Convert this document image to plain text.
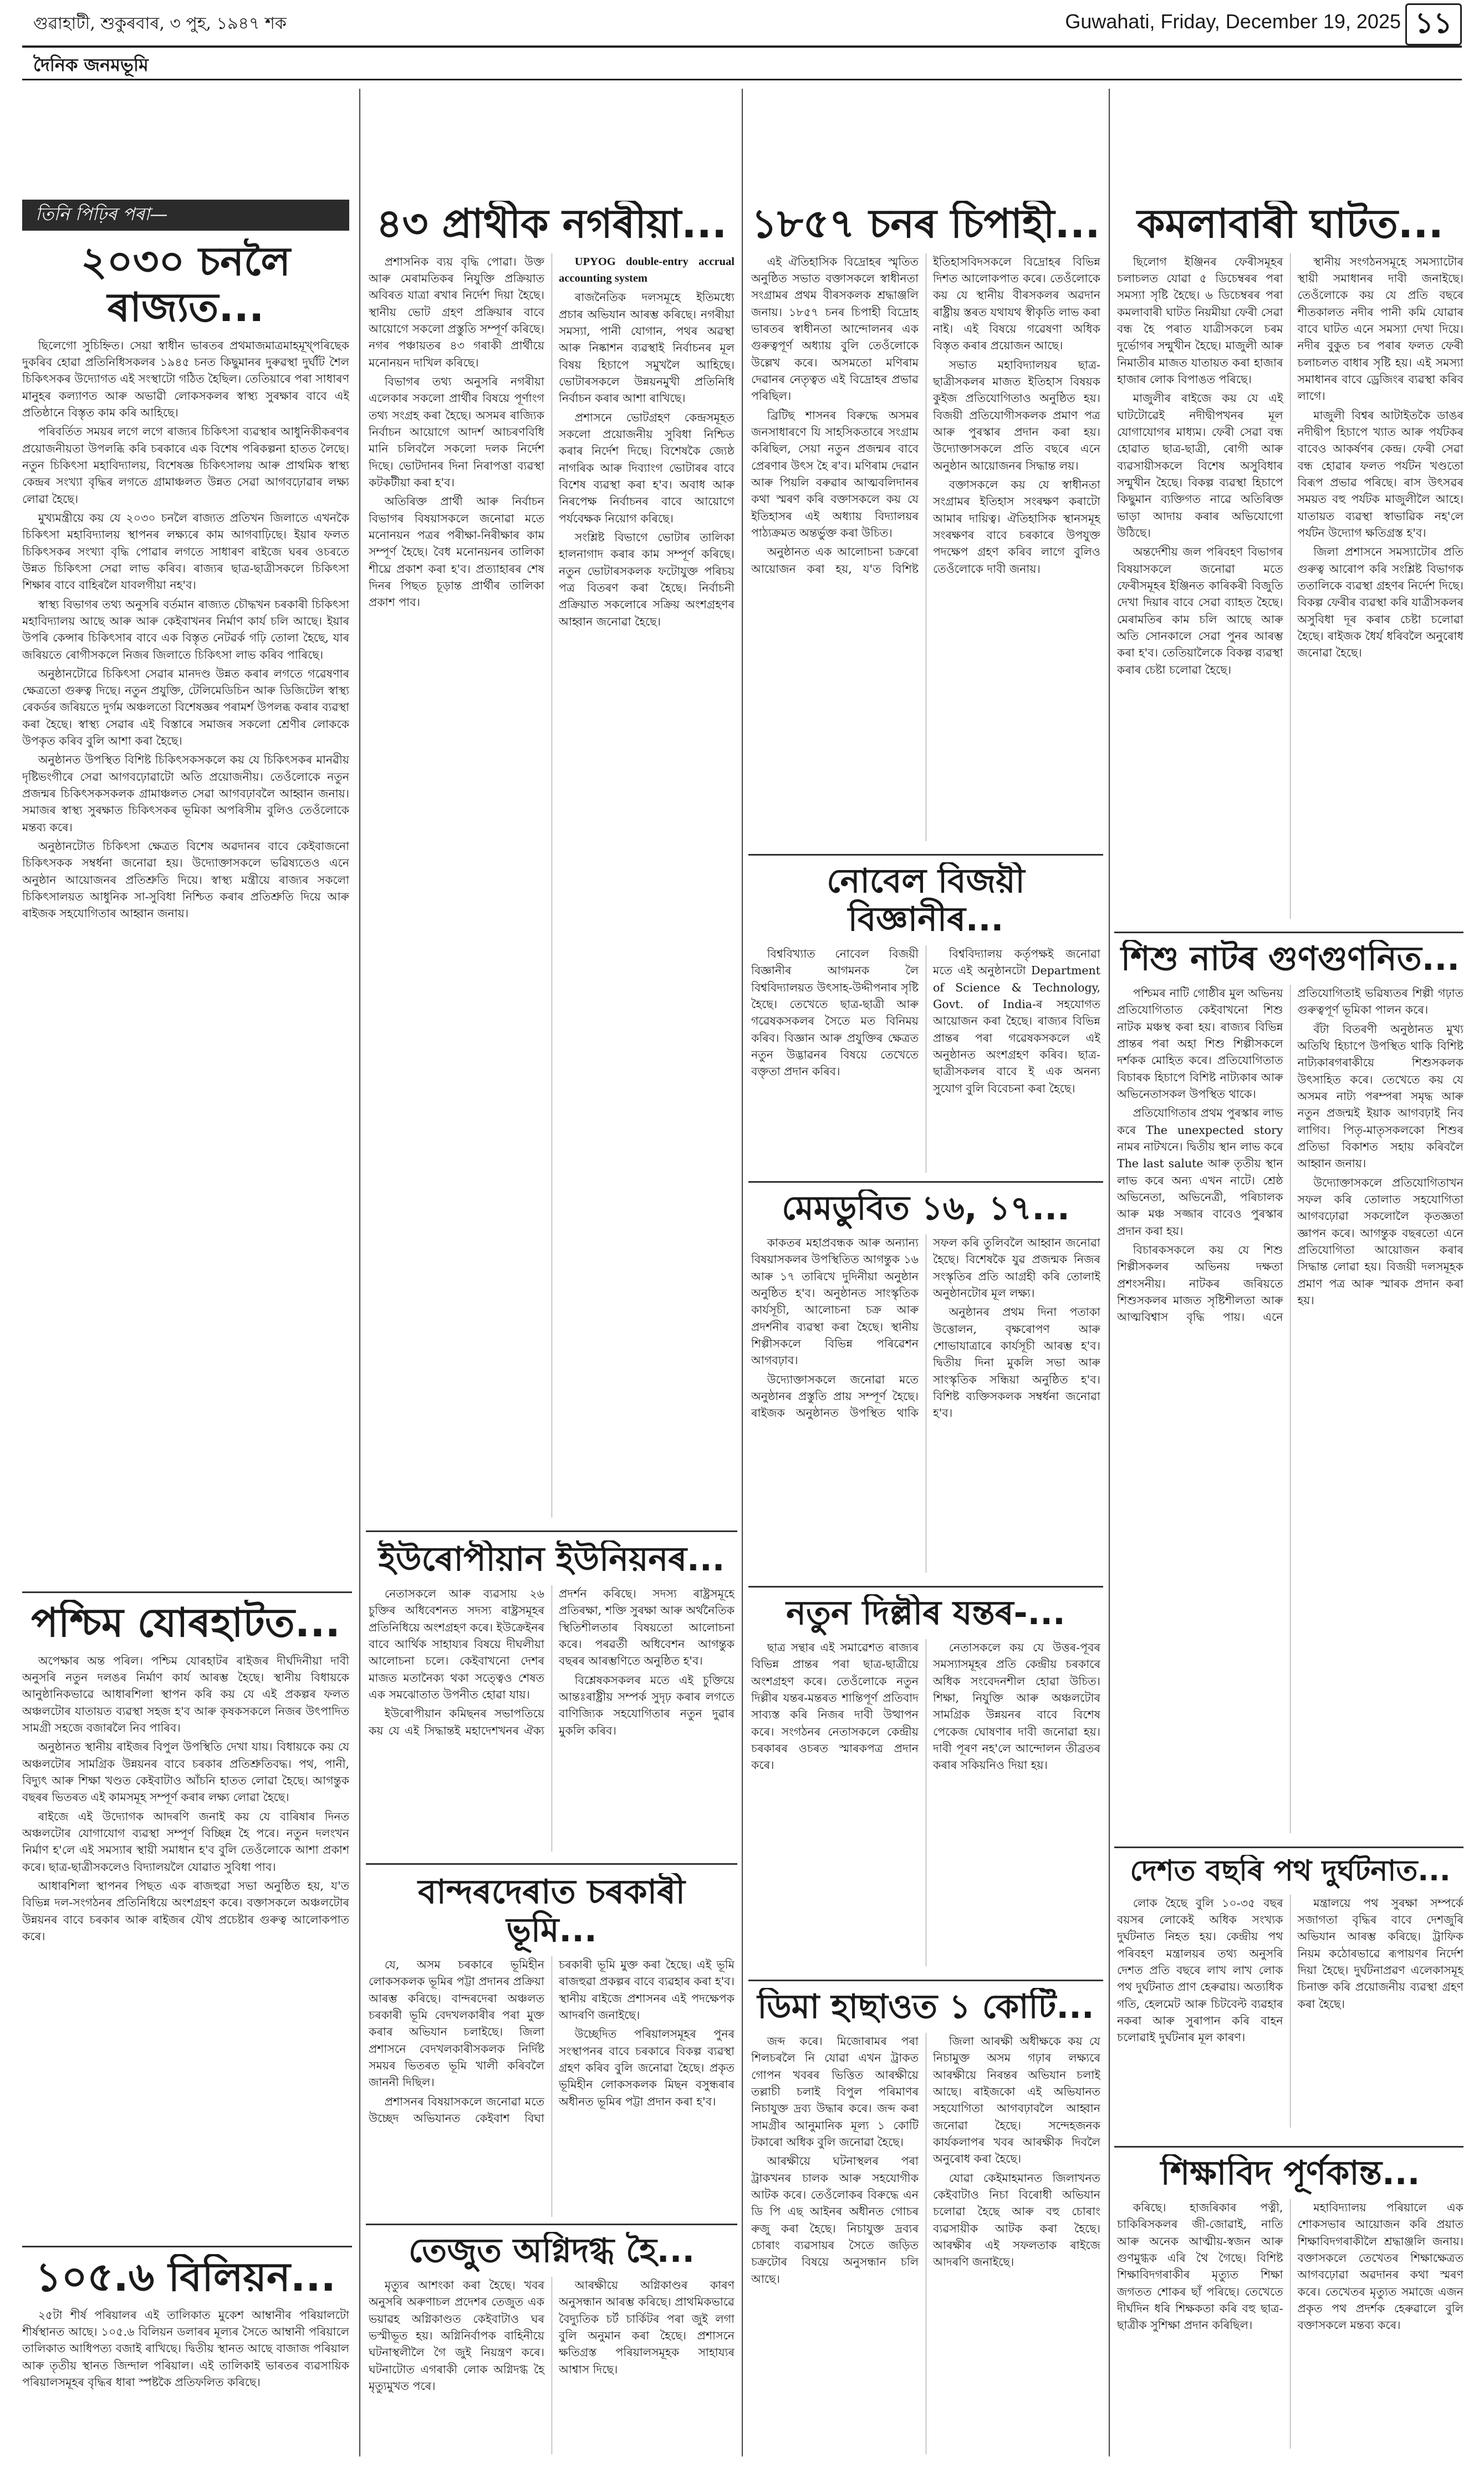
গুৱাহাটী, শুকুৰবাৰ, ৩ পুহ, ১৯৪৭ শক	Guwahati, Friday, December 19, 2025 ১১
দৈনিক জনমভূমি
তিনি পিঢ়িৰ পৰা—
২০৩০ চনলৈ ৰাজ্যত...

ছিলেগো সুচিহ্নিত। সেয়া স্বাধীন ভাৰতৰ প্ৰথমাজমাত্ৰমাহমূখ্পৰিছেক দুকৰিব হোৱা প্ৰতিনিধিসকলৰ ১৯৪৫ চনত কিছুমানৰ দুৰুৱস্থা দুৰ্ঘাঁট শৈল চিকিৎসকৰ উদ্যোগত এই সংস্থাটো গঠিত হৈছিল। তেতিয়াৰে পৰা সাধাৰণ মানুহৰ কল্যাণত আৰু অভাৱী লোকসকলৰ স্বাস্থ্য সুৰক্ষাৰ বাবে এই প্ৰতিষ্ঠানে বিস্তৃত কাম কৰি আহিছে।

পৰিবৰ্তিত সময়ৰ লগে লগে ৰাজ্যৰ চিকিৎসা ব্যৱস্থাৰ আধুনিকীকৰণৰ প্ৰয়োজনীয়তা উপলব্ধি কৰি চৰকাৰে এক বিশেষ পৰিকল্পনা হাতত লৈছে। নতুন চিকিৎসা মহাবিদ্যালয়, বিশেষজ্ঞ চিকিৎসালয় আৰু প্ৰাথমিক স্বাস্থ্য কেন্দ্ৰৰ সংখ্যা বৃদ্ধিৰ লগতে গ্ৰামাঞ্চলত উন্নত সেৱা আগবঢ়োৱাৰ লক্ষ্য লোৱা হৈছে।

মুখ্যমন্ত্ৰীয়ে কয় যে ২০৩০ চনলৈ ৰাজ্যত প্ৰতিখন জিলাতে এখনকৈ চিকিৎসা মহাবিদ্যালয় স্থাপনৰ লক্ষ্যৰে কাম আগবাঢ়িছে। ইয়াৰ ফলত চিকিৎসকৰ সংখ্যা বৃদ্ধি পোৱাৰ লগতে সাধাৰণ ৰাইজে ঘৰৰ ওচৰতে উন্নত চিকিৎসা সেৱা লাভ কৰিব। ৰাজ্যৰ ছাত্ৰ-ছাত্ৰীসকলে চিকিৎসা শিক্ষাৰ বাবে বাহিৰলৈ যাবলগীয়া নহ'ব।

স্বাস্থ্য বিভাগৰ তথ্য অনুসৰি বৰ্তমান ৰাজ্যত চৌদ্ধখন চৰকাৰী চিকিৎসা মহাবিদ্যালয় আছে আৰু আৰু কেইবাখনৰ নিৰ্মাণ কাৰ্য চলি আছে। ইয়াৰ উপৰি কেন্সাৰ চিকিৎসাৰ বাবে এক বিস্তৃত নেটৱৰ্ক গঢ়ি তোলা হৈছে, যাৰ জৰিয়তে ৰোগীসকলে নিজৰ জিলাতে চিকিৎসা লাভ কৰিব পাৰিছে।

অনুষ্ঠানটোৱে চিকিৎসা সেৱাৰ মানদণ্ড উন্নত কৰাৰ লগতে গৱেষণাৰ ক্ষেত্ৰতো গুৰুত্ব দিছে। নতুন প্ৰযুক্তি, টেলিমেডিচিন আৰু ডিজিটেল স্বাস্থ্য ৰেকৰ্ডৰ জৰিয়তে দুৰ্গম অঞ্চলতো বিশেষজ্ঞৰ পৰামৰ্শ উপলব্ধ কৰাৰ ব্যৱস্থা কৰা হৈছে। স্বাস্থ্য সেৱাৰ এই বিস্তাৰে সমাজৰ সকলো শ্ৰেণীৰ লোককে উপকৃত কৰিব বুলি আশা কৰা হৈছে।

অনুষ্ঠানত উপস্থিত বিশিষ্ট চিকিৎসকসকলে কয় যে চিকিৎসকৰ মানৱীয় দৃষ্টিভংগীৰে সেৱা আগবঢ়োৱাটো অতি প্ৰয়োজনীয়। তেওঁলোকে নতুন প্ৰজন্মৰ চিকিৎসকসকলক গ্ৰামাঞ্চলত সেৱা আগবঢ়াবলৈ আহ্বান জনায়। সমাজৰ স্বাস্থ্য সুৰক্ষাত চিকিৎসকৰ ভূমিকা অপৰিসীম বুলিও তেওঁলোকে মন্তব্য কৰে।

অনুষ্ঠানটোত চিকিৎসা ক্ষেত্ৰত বিশেষ অৱদানৰ বাবে কেইবাজনো চিকিৎসকক সম্বৰ্ধনা জনোৱা হয়। উদ্যোক্তাসকলে ভৱিষ্যতেও এনে অনুষ্ঠান আয়োজনৰ প্ৰতিশ্ৰুতি দিয়ে। স্বাস্থ্য মন্ত্ৰীয়ে ৰাজ্যৰ সকলো চিকিৎসালয়ত আধুনিক সা-সুবিধা নিশ্চিত কৰাৰ প্ৰতিশ্ৰুতি দিয়ে আৰু ৰাইজক সহযোগিতাৰ আহ্বান জনায়।

পশ্চিম যোৰহাটত...

অপেক্ষাৰ অন্ত পৰিল। পশ্চিম যোৰহাটৰ ৰাইজৰ দীৰ্ঘদিনীয়া দাবী অনুসৰি নতুন দলঙৰ নিৰ্মাণ কাৰ্য আৰম্ভ হৈছে। স্থানীয় বিধায়কে আনুষ্ঠানিকভাৱে আধাৰশিলা স্থাপন কৰি কয় যে এই প্ৰকল্পৰ ফলত অঞ্চলটোৰ যাতায়ত ব্যৱস্থা সহজ হ'ব আৰু কৃষকসকলে নিজৰ উৎপাদিত সামগ্ৰী সহজে বজাৰলৈ নিব পাৰিব।

অনুষ্ঠানত স্থানীয় ৰাইজৰ বিপুল উপস্থিতি দেখা যায়। বিধায়কে কয় যে অঞ্চলটোৰ সামগ্ৰিক উন্নয়নৰ বাবে চৰকাৰ প্ৰতিশ্ৰুতিবদ্ধ। পথ, পানী, বিদ্যুৎ আৰু শিক্ষা খণ্ডত কেইবাটাও আঁচনি হাতত লোৱা হৈছে। আগন্তুক বছৰৰ ভিতৰত এই কামসমূহ সম্পূৰ্ণ কৰাৰ লক্ষ্য লোৱা হৈছে।

ৰাইজে এই উদ্যোগক আদৰণি জনাই কয় যে বাৰিষাৰ দিনত অঞ্চলটোৰ যোগাযোগ ব্যৱস্থা সম্পূৰ্ণ বিচ্ছিন্ন হৈ পৰে। নতুন দলংখন নিৰ্মাণ হ'লে এই সমস্যাৰ স্থায়ী সমাধান হ'ব বুলি তেওঁলোকে আশা প্ৰকাশ কৰে। ছাত্ৰ-ছাত্ৰীসকলেও বিদ্যালয়লৈ যোৱাত সুবিধা পাব।

আধাৰশিলা স্থাপনৰ পিছত এক ৰাজহুৱা সভা অনুষ্ঠিত হয়, য'ত বিভিন্ন দল-সংগঠনৰ প্ৰতিনিধিয়ে অংশগ্ৰহণ কৰে। বক্তাসকলে অঞ্চলটোৰ উন্নয়নৰ বাবে চৰকাৰ আৰু ৰাইজৰ যৌথ প্ৰচেষ্টাৰ গুৰুত্ব আলোকপাত কৰে।

১০৫.৬ বিলিয়ন...

২৫টা শীৰ্ষ পৰিয়ালৰ এই তালিকাত মুকেশ আম্বানীৰ পৰিয়ালটো শীৰ্ষস্থানত আছে। ১০৫.৬ বিলিয়ন ডলাৰৰ মূল্যৰ সৈতে আম্বানী পৰিয়ালে তালিকাত আধিপত্য বজাই ৰাখিছে। দ্বিতীয় স্থানত আছে বাজাজ পৰিয়াল আৰু তৃতীয় স্থানত জিন্দাল পৰিয়াল। এই তালিকাই ভাৰতৰ ব্যৱসায়িক পৰিয়ালসমূহৰ বৃদ্ধিৰ ধাৰা স্পষ্টকৈ প্ৰতিফলিত কৰিছে।

৪৩ প্ৰাথীক নগৰীয়া...

প্ৰশাসনিক ব্যয় বৃদ্ধি পোৱা। উক্ত আৰু মেৰামতিকৰ নিযুক্তি প্ৰক্ৰিয়াত অবিৰত যাত্ৰা ৰখাৰ নিৰ্দেশ দিয়া হৈছে। স্থানীয় ভোট গ্ৰহণ প্ৰক্ৰিয়াৰ বাবে আয়োগে সকলো প্ৰস্তুতি সম্পূৰ্ণ কৰিছে। নগৰ পঞ্চায়তৰ ৪৩ গৰাকী প্ৰাৰ্থীয়ে মনোনয়ন দাখিল কৰিছে।

বিভাগৰ তথ্য অনুসৰি নগৰীয়া এলেকাৰ সকলো প্ৰাৰ্থীৰ বিষয়ে পূৰ্ণাংগ তথ্য সংগ্ৰহ কৰা হৈছে। অসমৰ ৰাজ্যিক নিৰ্বাচন আয়োগে আদৰ্শ আচৰণবিধি মানি চলিবলৈ সকলো দলক নিৰ্দেশ দিছে। ভোটদানৰ দিনা নিৰাপত্তা ব্যৱস্থা কটকটীয়া কৰা হ'ব।

অতিৰিক্ত প্ৰাৰ্থী আৰু নিৰ্বাচন বিভাগৰ বিষয়াসকলে জনোৱা মতে মনোনয়ন পত্ৰৰ পৰীক্ষা-নিৰীক্ষাৰ কাম সম্পূৰ্ণ হৈছে। বৈধ মনোনয়নৰ তালিকা শীঘ্ৰে প্ৰকাশ কৰা হ'ব। প্ৰত্যাহাৰৰ শেষ দিনৰ পিছত চূড়ান্ত প্ৰাৰ্থীৰ তালিকা প্ৰকাশ পাব।

UPYOG double-entry accrual accounting system

ৰাজনৈতিক দলসমূহে ইতিমধ্যে প্ৰচাৰ অভিযান আৰম্ভ কৰিছে। নগৰীয়া সমস্যা, পানী যোগান, পথৰ অৱস্থা আৰু নিষ্কাশন ব্যৱস্থাই নিৰ্বাচনৰ মূল বিষয় হিচাপে সমুখলৈ আহিছে। ভোটাৰসকলে উন্নয়নমুখী প্ৰতিনিধি নিৰ্বাচন কৰাৰ আশা ৰাখিছে।

প্ৰশাসনে ভোটগ্ৰহণ কেন্দ্ৰসমূহত সকলো প্ৰয়োজনীয় সুবিধা নিশ্চিত কৰাৰ নিৰ্দেশ দিছে। বিশেষকৈ জ্যেষ্ঠ নাগৰিক আৰু দিব্যাংগ ভোটাৰৰ বাবে বিশেষ ব্যৱস্থা কৰা হ'ব। অবাধ আৰু নিৰপেক্ষ নিৰ্বাচনৰ বাবে আয়োগে পৰ্যবেক্ষক নিয়োগ কৰিছে।

সংশ্লিষ্ট বিভাগে ভোটাৰ তালিকা হালনাগাদ কৰাৰ কাম সম্পূৰ্ণ কৰিছে। নতুন ভোটাৰসকলক ফটোযুক্ত পৰিচয় পত্ৰ বিতৰণ কৰা হৈছে। নিৰ্বাচনী প্ৰক্ৰিয়াত সকলোৰে সক্ৰিয় অংশগ্ৰহণৰ আহ্বান জনোৱা হৈছে।

ইউৰোপীয়ান ইউনিয়নৰ...

নেতাসকলে আৰু ব্যৱসায় ২৬ চুক্তিৰ অধিবেশনত সদস্য ৰাষ্ট্ৰসমূহৰ প্ৰতিনিধিয়ে অংশগ্ৰহণ কৰে। ইউক্ৰেইনৰ বাবে আৰ্থিক সাহায্যৰ বিষয়ে দীঘলীয়া আলোচনা চলে। কেইবাখনো দেশৰ মাজত মতানৈক্য থকা সত্ত্বেও শেষত এক সমঝোতাত উপনীত হোৱা যায়।

ইউৰোপীয়ান কমিছনৰ সভাপতিয়ে কয় যে এই সিদ্ধান্তই মহাদেশখনৰ ঐক্য প্ৰদৰ্শন কৰিছে। সদস্য ৰাষ্ট্ৰসমূহে প্ৰতিৰক্ষা, শক্তি সুৰক্ষা আৰু অৰ্থনৈতিক স্থিতিশীলতাৰ বিষয়তো আলোচনা কৰে। পৰৱৰ্তী অধিবেশন আগন্তুক বছৰৰ আৰম্ভণিতে অনুষ্ঠিত হ'ব।

বিশ্লেষকসকলৰ মতে এই চুক্তিয়ে আন্তঃৰাষ্ট্ৰীয় সম্পৰ্ক সুদৃঢ় কৰাৰ লগতে বাণিজ্যিক সহযোগিতাৰ নতুন দুৱাৰ মুকলি কৰিব।

বান্দৰদেৰাত চৰকাৰী ভূমি...

যে, অসম চৰকাৰে ভূমিহীন লোকসকলক ভূমিৰ পট্টা প্ৰদানৰ প্ৰক্ৰিয়া আৰম্ভ কৰিছে। বান্দৰদেৰা অঞ্চলত চৰকাৰী ভূমি বেদখলকাৰীৰ পৰা মুক্ত কৰাৰ অভিযান চলাইছে। জিলা প্ৰশাসনে বেদখলকাৰীসকলক নিৰ্দিষ্ট সময়ৰ ভিতৰত ভূমি খালী কৰিবলৈ জাননী দিছিল।

প্ৰশাসনৰ বিষয়াসকলে জনোৱা মতে উচ্ছেদ অভিযানত কেইবাশ বিঘা চৰকাৰী ভূমি মুক্ত কৰা হৈছে। এই ভূমি ৰাজহুৱা প্ৰকল্পৰ বাবে ব্যৱহাৰ কৰা হ'ব। স্থানীয় ৰাইজে প্ৰশাসনৰ এই পদক্ষেপক আদৰণি জনাইছে।

উচ্ছেদিত পৰিয়ালসমূহৰ পুনৰ সংস্থাপনৰ বাবে চৰকাৰে বিকল্প ব্যৱস্থা গ্ৰহণ কৰিব বুলি জনোৱা হৈছে। প্ৰকৃত ভূমিহীন লোকসকলক মিছন বসুন্ধৰাৰ অধীনত ভূমিৰ পট্টা প্ৰদান কৰা হ'ব।

তেজুত অগ্নিদগ্ধ হৈ...

মৃত্যুৰ আশংকা কৰা হৈছে। খবৰ অনুসৰি অৰুণাচল প্ৰদেশৰ তেজুত এক ভয়াৱহ অগ্নিকাণ্ডত কেইবাটাও ঘৰ ভস্মীভূত হয়। অগ্নিনিৰ্বাপক বাহিনীয়ে ঘটনাস্থলীলৈ গৈ জুই নিয়ন্ত্ৰণ কৰে। ঘটনাটোত এগৰাকী লোক অগ্নিদগ্ধ হৈ মৃত্যুমুখত পৰে।

আৰক্ষীয়ে অগ্নিকাণ্ডৰ কাৰণ অনুসন্ধান আৰম্ভ কৰিছে। প্ৰাথমিকভাৱে বৈদ্যুতিক চৰ্ট চাৰ্কিটৰ পৰা জুই লগা বুলি অনুমান কৰা হৈছে। প্ৰশাসনে ক্ষতিগ্ৰস্ত পৰিয়ালসমূহক সাহায্যৰ আশ্বাস দিছে।

১৮৫৭ চনৰ চিপাহী...

এই ঐতিহাসিক বিদ্ৰোহৰ স্মৃতিত অনুষ্ঠিত সভাত বক্তাসকলে স্বাধীনতা সংগ্ৰামৰ প্ৰথম বীৰসকলক শ্ৰদ্ধাঞ্জলি জনায়। ১৮৫৭ চনৰ চিপাহী বিদ্ৰোহ ভাৰতৰ স্বাধীনতা আন্দোলনৰ এক গুৰুত্বপূৰ্ণ অধ্যায় বুলি তেওঁলোকে উল্লেখ কৰে। অসমতো মণিৰাম দেৱানৰ নেতৃত্বত এই বিদ্ৰোহৰ প্ৰভাৱ পৰিছিল।

ব্ৰিটিছ শাসনৰ বিৰুদ্ধে অসমৰ জনসাধাৰণে যি সাহসিকতাৰে সংগ্ৰাম কৰিছিল, সেয়া নতুন প্ৰজন্মৰ বাবে প্ৰেৰণাৰ উৎস হৈ ৰ'ব। মণিৰাম দেৱান আৰু পিয়লি বৰুৱাৰ আত্মবলিদানৰ কথা স্মৰণ কৰি বক্তাসকলে কয় যে ইতিহাসৰ এই অধ্যায় বিদ্যালয়ৰ পাঠ্যক্ৰমত অন্তৰ্ভুক্ত কৰা উচিত।

অনুষ্ঠানত এক আলোচনা চক্ৰৰো আয়োজন কৰা হয়, য'ত বিশিষ্ট ইতিহাসবিদসকলে বিদ্ৰোহৰ বিভিন্ন দিশত আলোকপাত কৰে। তেওঁলোকে কয় যে স্থানীয় বীৰসকলৰ অৱদান ৰাষ্ট্ৰীয় স্তৰত যথাযথ স্বীকৃতি লাভ কৰা নাই। এই বিষয়ে গৱেষণা অধিক বিস্তৃত কৰাৰ প্ৰয়োজন আছে।

সভাত মহাবিদ্যালয়ৰ ছাত্ৰ-ছাত্ৰীসকলৰ মাজত ইতিহাস বিষয়ক কুইজ প্ৰতিযোগিতাও অনুষ্ঠিত হয়। বিজয়ী প্ৰতিযোগীসকলক প্ৰমাণ পত্ৰ আৰু পুৰস্কাৰ প্ৰদান কৰা হয়। উদ্যোক্তাসকলে প্ৰতি বছৰে এনে অনুষ্ঠান আয়োজনৰ সিদ্ধান্ত লয়।

বক্তাসকলে কয় যে স্বাধীনতা সংগ্ৰামৰ ইতিহাস সংৰক্ষণ কৰাটো আমাৰ দায়িত্ব। ঐতিহাসিক স্থানসমূহ সংৰক্ষণৰ বাবে চৰকাৰে উপযুক্ত পদক্ষেপ গ্ৰহণ কৰিব লাগে বুলিও তেওঁলোকে দাবী জনায়।

নোবেল বিজয়ী বিজ্ঞানীৰ...

বিশ্ববিখ্যাত নোবেল বিজয়ী বিজ্ঞানীৰ আগমনক লৈ বিশ্ববিদ্যালয়ত উৎসাহ-উদ্দীপনাৰ সৃষ্টি হৈছে। তেখেতে ছাত্ৰ-ছাত্ৰী আৰু গৱেষকসকলৰ সৈতে মত বিনিময় কৰিব। বিজ্ঞান আৰু প্ৰযুক্তিৰ ক্ষেত্ৰত নতুন উদ্ভাৱনৰ বিষয়ে তেখেতে বক্তৃতা প্ৰদান কৰিব।

বিশ্ববিদ্যালয় কৰ্তৃপক্ষই জনোৱা মতে এই অনুষ্ঠানটো Department of Science & Technology, Govt. of India-ৰ সহযোগত আয়োজন কৰা হৈছে। ৰাজ্যৰ বিভিন্ন প্ৰান্তৰ পৰা গৱেষকসকলে এই অনুষ্ঠানত অংশগ্ৰহণ কৰিব। ছাত্ৰ-ছাত্ৰীসকলৰ বাবে ই এক অনন্য সুযোগ বুলি বিবেচনা কৰা হৈছে।

মেমডুবিত ১৬, ১৭...

কাকতৰ মহাপ্ৰবন্ধক আৰু অন্যান্য বিষয়াসকলৰ উপস্থিতিত আগন্তুক ১৬ আৰু ১৭ তাৰিখে দুদিনীয়া অনুষ্ঠান অনুষ্ঠিত হ'ব। অনুষ্ঠানত সাংস্কৃতিক কাৰ্যসূচী, আলোচনা চক্ৰ আৰু প্ৰদৰ্শনীৰ ব্যৱস্থা কৰা হৈছে। স্থানীয় শিল্পীসকলে বিভিন্ন পৰিৱেশন আগবঢ়াব।

উদ্যোক্তাসকলে জনোৱা মতে অনুষ্ঠানৰ প্ৰস্তুতি প্ৰায় সম্পূৰ্ণ হৈছে। ৰাইজক অনুষ্ঠানত উপস্থিত থাকি সফল কৰি তুলিবলৈ আহ্বান জনোৱা হৈছে। বিশেষকৈ যুৱ প্ৰজন্মক নিজৰ সংস্কৃতিৰ প্ৰতি আগ্ৰহী কৰি তোলাই অনুষ্ঠানটোৰ মূল লক্ষ্য।

অনুষ্ঠানৰ প্ৰথম দিনা পতাকা উত্তোলন, বৃক্ষৰোপণ আৰু শোভাযাত্ৰাৰে কাৰ্যসূচী আৰম্ভ হ'ব। দ্বিতীয় দিনা মুকলি সভা আৰু সাংস্কৃতিক সন্ধিয়া অনুষ্ঠিত হ'ব। বিশিষ্ট ব্যক্তিসকলক সম্বৰ্ধনা জনোৱা হ'ব।

নতুন দিল্লীৰ যন্তৰ-...

ছাত্ৰ সন্থাৰ এই সমাৱেশত ৰাজ্যৰ বিভিন্ন প্ৰান্তৰ পৰা ছাত্ৰ-ছাত্ৰীয়ে অংশগ্ৰহণ কৰে। তেওঁলোকে নতুন দিল্লীৰ যন্তৰ-মন্তৰত শান্তিপূৰ্ণ প্ৰতিবাদ সাব্যস্ত কৰি নিজৰ দাবী উত্থাপন কৰে। সংগঠনৰ নেতাসকলে কেন্দ্ৰীয় চৰকাৰৰ ওচৰত স্মাৰকপত্ৰ প্ৰদান কৰে।

নেতাসকলে কয় যে উত্তৰ-পূবৰ সমস্যাসমূহৰ প্ৰতি কেন্দ্ৰীয় চৰকাৰে অধিক সংবেদনশীল হোৱা উচিত। শিক্ষা, নিযুক্তি আৰু অঞ্চলটোৰ সামগ্ৰিক উন্নয়নৰ বাবে বিশেষ পেকেজ ঘোষণাৰ দাবী জনোৱা হয়। দাবী পূৰণ নহ'লে আন্দোলন তীব্ৰতৰ কৰাৰ সকিয়নিও দিয়া হয়।

ডিমা হাছাওত ১ কোটি...

জব্দ কৰে। মিজোৰামৰ পৰা শিলচৰলৈ নি যোৱা এখন ট্ৰাকত গোপন খবৰৰ ভিত্তিত আৰক্ষীয়ে তল্লাচী চলাই বিপুল পৰিমাণৰ নিচাযুক্ত দ্ৰব্য উদ্ধাৰ কৰে। জব্দ কৰা সামগ্ৰীৰ আনুমানিক মূল্য ১ কোটি টকাৰো অধিক বুলি জনোৱা হৈছে।

আৰক্ষীয়ে ঘটনাস্থলৰ পৰা ট্ৰাকখনৰ চালক আৰু সহযোগীক আটক কৰে। তেওঁলোকৰ বিৰুদ্ধে এন ডি পি এছ আইনৰ অধীনত গোচৰ ৰুজু কৰা হৈছে। নিচাযুক্ত দ্ৰব্যৰ চোৰাং ব্যৱসায়ৰ সৈতে জড়িত চক্ৰটোৰ বিষয়ে অনুসন্ধান চলি আছে।

জিলা আৰক্ষী অধীক্ষকে কয় যে নিচামুক্ত অসম গঢ়াৰ লক্ষ্যৰে আৰক্ষীয়ে নিৰন্তৰ অভিযান চলাই আছে। ৰাইজকো এই অভিযানত সহযোগিতা আগবঢ়াবলৈ আহ্বান জনোৱা হৈছে। সন্দেহজনক কাৰ্যকলাপৰ খবৰ আৰক্ষীক দিবলৈ অনুৰোধ কৰা হৈছে।

যোৱা কেইমাহমানত জিলাখনত কেইবাটাও নিচা বিৰোধী অভিযান চলোৱা হৈছে আৰু বহু চোৰাং ব্যৱসায়ীক আটক কৰা হৈছে। আৰক্ষীৰ এই সফলতাক ৰাইজে আদৰণি জনাইছে।

কমলাবাৰী ঘাটত...

ছিলোগ ইঞ্জিনৰ ফেৰীসমূহৰ চলাচলত যোৱা ৫ ডিচেম্বৰৰ পৰা সমস্যা সৃষ্টি হৈছে। ৬ ডিচেম্বৰৰ পৰা কমলাবাৰী ঘাটত নিয়মীয়া ফেৰী সেৱা বন্ধ হৈ পৰাত যাত্ৰীসকলে চৰম দুৰ্ভোগৰ সন্মুখীন হৈছে। মাজুলী আৰু নিমাতীৰ মাজত যাতায়ত কৰা হাজাৰ হাজাৰ লোক বিপাঙত পৰিছে।

মাজুলীৰ ৰাইজে কয় যে এই ঘাটটোৱেই নদীদ্বীপখনৰ মূল যোগাযোগৰ মাধ্যম। ফেৰী সেৱা বন্ধ হোৱাত ছাত্ৰ-ছাত্ৰী, ৰোগী আৰু ব্যৱসায়ীসকলে বিশেষ অসুবিধাৰ সন্মুখীন হৈছে। বিকল্প ব্যৱস্থা হিচাপে কিছুমান ব্যক্তিগত নাৱে অতিৰিক্ত ভাড়া আদায় কৰাৰ অভিযোগো উঠিছে।

অন্তৰ্দেশীয় জল পৰিবহণ বিভাগৰ বিষয়াসকলে জনোৱা মতে ফেৰীসমূহৰ ইঞ্জিনত কাৰিকৰী বিজুতি দেখা দিয়াৰ বাবে সেৱা ব্যাহত হৈছে। মেৰামতিৰ কাম চলি আছে আৰু অতি সোনকালে সেৱা পুনৰ আৰম্ভ কৰা হ'ব। তেতিয়ালৈকে বিকল্প ব্যৱস্থা কৰাৰ চেষ্টা চলোৱা হৈছে।

স্থানীয় সংগঠনসমূহে সমস্যাটোৰ স্থায়ী সমাধানৰ দাবী জনাইছে। তেওঁলোকে কয় যে প্ৰতি বছৰে শীতকালত নদীৰ পানী কমি যোৱাৰ বাবে ঘাটত এনে সমস্যা দেখা দিয়ে। নদীৰ বুকুত চৰ পৰাৰ ফলত ফেৰী চলাচলত বাধাৰ সৃষ্টি হয়। এই সমস্যা সমাধানৰ বাবে ড্ৰেজিংৰ ব্যৱস্থা কৰিব লাগে।

মাজুলী বিশ্বৰ আটাইতকৈ ডাঙৰ নদীদ্বীপ হিচাপে খ্যাত আৰু পৰ্যটকৰ বাবেও আকৰ্ষণৰ কেন্দ্ৰ। ফেৰী সেৱা বন্ধ হোৱাৰ ফলত পৰ্যটন খণ্ডতো বিৰূপ প্ৰভাৱ পৰিছে। ৰাস উৎসৱৰ সময়ত বহু পৰ্যটক মাজুলীলৈ আহে। যাতায়ত ব্যৱস্থা স্বাভাৱিক নহ'লে পৰ্যটন উদ্যোগ ক্ষতিগ্ৰস্ত হ'ব।

জিলা প্ৰশাসনে সমস্যাটোৰ প্ৰতি গুৰুত্ব আৰোপ কৰি সংশ্লিষ্ট বিভাগক ততালিকে ব্যৱস্থা গ্ৰহণৰ নিৰ্দেশ দিছে। বিকল্প ফেৰীৰ ব্যৱস্থা কৰি যাত্ৰীসকলৰ অসুবিধা দূৰ কৰাৰ চেষ্টা চলোৱা হৈছে। ৰাইজক ধৈৰ্য ধৰিবলৈ অনুৰোধ জনোৱা হৈছে।

শিশু নাটৰ গুণগুণনিত...

পশ্চিমৰ নাটি গোষ্ঠীৰ মুল অভিনয় প্ৰতিযোগিতাত কেইবাখনো শিশু নাটক মঞ্চস্থ কৰা হয়। ৰাজ্যৰ বিভিন্ন প্ৰান্তৰ পৰা অহা শিশু শিল্পীসকলে দৰ্শকক মোহিত কৰে। প্ৰতিযোগিতাত বিচাৰক হিচাপে বিশিষ্ট নাট্যকাৰ আৰু অভিনেতাসকল উপস্থিত থাকে।

প্ৰতিযোগিতাৰ প্ৰথম পুৰস্কাৰ লাভ কৰে The unexpected story নামৰ নাটখনে। দ্বিতীয় স্থান লাভ কৰে The last salute আৰু তৃতীয় স্থান লাভ কৰে অন্য এখন নাটে। শ্ৰেষ্ঠ অভিনেতা, অভিনেত্ৰী, পৰিচালক আৰু মঞ্চ সজ্জাৰ বাবেও পুৰস্কাৰ প্ৰদান কৰা হয়।

বিচাৰকসকলে কয় যে শিশু শিল্পীসকলৰ অভিনয় দক্ষতা প্ৰশংসনীয়। নাটকৰ জৰিয়তে শিশুসকলৰ মাজত সৃষ্টিশীলতা আৰু আত্মবিশ্বাস বৃদ্ধি পায়। এনে প্ৰতিযোগিতাই ভৱিষ্যতৰ শিল্পী গঢ়াত গুৰুত্বপূৰ্ণ ভূমিকা পালন কৰে।

বঁটা বিতৰণী অনুষ্ঠানত মুখ্য অতিথি হিচাপে উপস্থিত থাকি বিশিষ্ট নাট্যকাৰগৰাকীয়ে শিশুসকলক উৎসাহিত কৰে। তেখেতে কয় যে অসমৰ নাট্য পৰম্পৰা সমৃদ্ধ আৰু নতুন প্ৰজন্মই ইয়াক আগবঢ়াই নিব লাগিব। পিতৃ-মাতৃসকলকো শিশুৰ প্ৰতিভা বিকাশত সহায় কৰিবলৈ আহ্বান জনায়।

উদ্যোক্তাসকলে প্ৰতিযোগিতাখন সফল কৰি তোলাত সহযোগিতা আগবঢ়োৱা সকলোলৈ কৃতজ্ঞতা জ্ঞাপন কৰে। আগন্তুক বছৰতো এনে প্ৰতিযোগিতা আয়োজন কৰাৰ সিদ্ধান্ত লোৱা হয়। বিজয়ী দলসমূহক প্ৰমাণ পত্ৰ আৰু স্মাৰক প্ৰদান কৰা হয়।

দেশত বছৰি পথ দুৰ্ঘটনাত...

লোক হৈছে বুলি ১০-৩৫ বছৰ বয়সৰ লোকেই অধিক সংখ্যক দুৰ্ঘটনাত নিহত হয়। কেন্দ্ৰীয় পথ পৰিবহণ মন্ত্ৰালয়ৰ তথ্য অনুসৰি দেশত প্ৰতি বছৰে লাখ লাখ লোক পথ দুৰ্ঘটনাত প্ৰাণ হেৰুৱায়। অত্যধিক গতি, হেলমেট আৰু চিটবেল্ট ব্যৱহাৰ নকৰা আৰু সুৰাপান কৰি বাহন চলোৱাই দুৰ্ঘটনাৰ মূল কাৰণ।

মন্ত্ৰালয়ে পথ সুৰক্ষা সম্পৰ্কে সজাগতা বৃদ্ধিৰ বাবে দেশজুৰি অভিযান আৰম্ভ কৰিছে। ট্ৰাফিক নিয়ম কঠোৰভাৱে ৰূপায়ণৰ নিৰ্দেশ দিয়া হৈছে। দুৰ্ঘটনাপ্ৰৱণ এলেকাসমূহ চিনাক্ত কৰি প্ৰয়োজনীয় ব্যৱস্থা গ্ৰহণ কৰা হৈছে।

শিক্ষাবিদ পূৰ্ণকান্ত...

কৰিছে। হাজৰিকাৰ পত্নী, চাকিৰিসকলৰ জী-জোৱাই, নাতি আৰু অনেক আত্মীয়-স্বজন আৰু গুণমুগ্ধক এৰি থৈ গৈছে। বিশিষ্ট শিক্ষাবিদগৰাকীৰ মৃত্যুত শিক্ষা জগতত শোকৰ ছাঁ পৰিছে। তেখেতে দীৰ্ঘদিন ধৰি শিক্ষকতা কৰি বহু ছাত্ৰ-ছাত্ৰীক সুশিক্ষা প্ৰদান কৰিছিল।

মহাবিদ্যালয় পৰিয়ালে এক শোকসভাৰ আয়োজন কৰি প্ৰয়াত শিক্ষাবিদগৰাকীলৈ শ্ৰদ্ধাঞ্জলি জনায়। বক্তাসকলে তেখেতৰ শিক্ষাক্ষেত্ৰত আগবঢ়োৱা অৱদানৰ কথা স্মৰণ কৰে। তেখেতৰ মৃত্যুত সমাজে এজন প্ৰকৃত পথ প্ৰদৰ্শক হেৰুৱালে বুলি বক্তাসকলে মন্তব্য কৰে।
